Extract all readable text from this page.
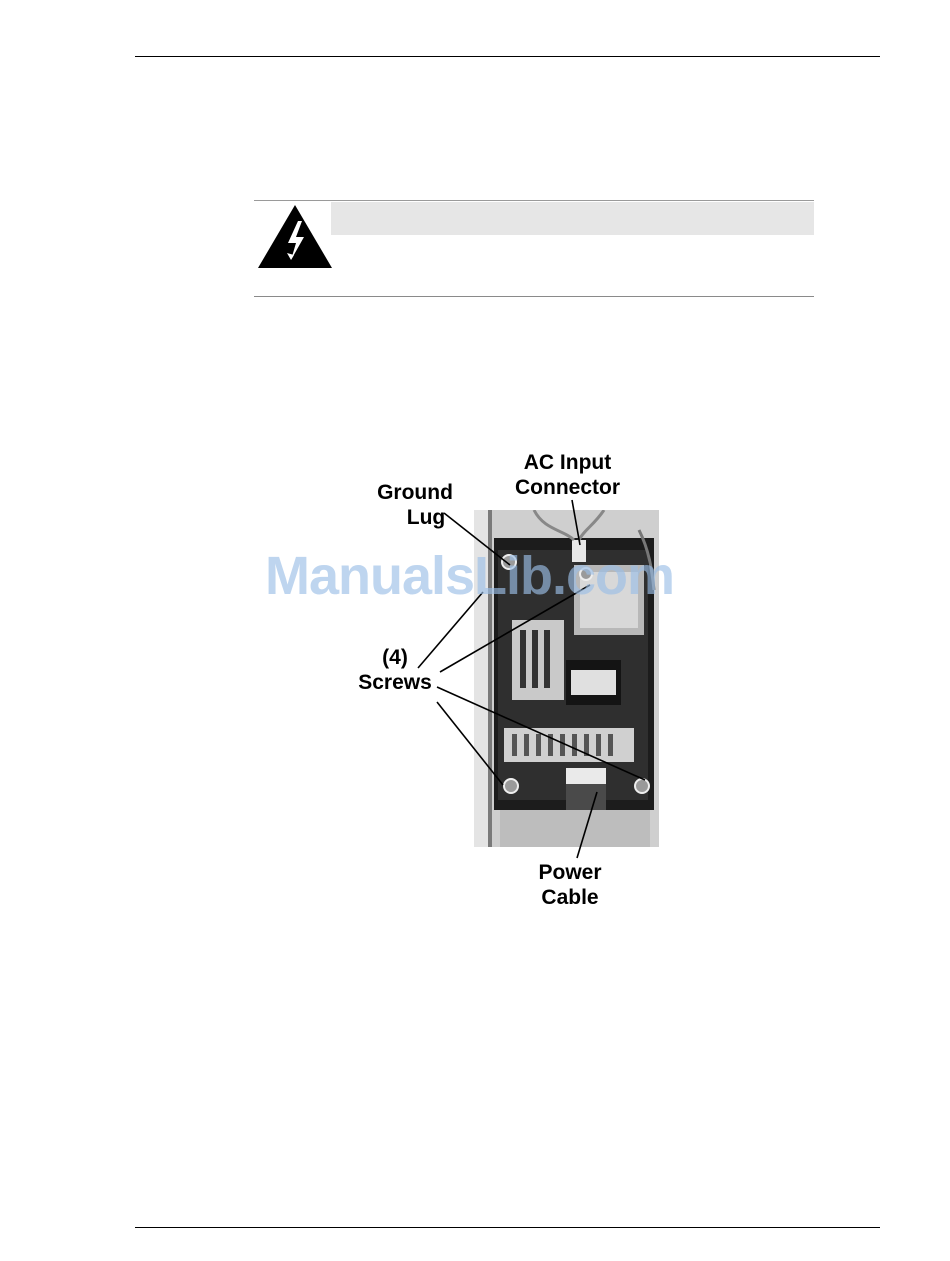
Ground
Lug
AC Input
Connector
(4)
Screws
Power
Cable
ManualsLib.com
